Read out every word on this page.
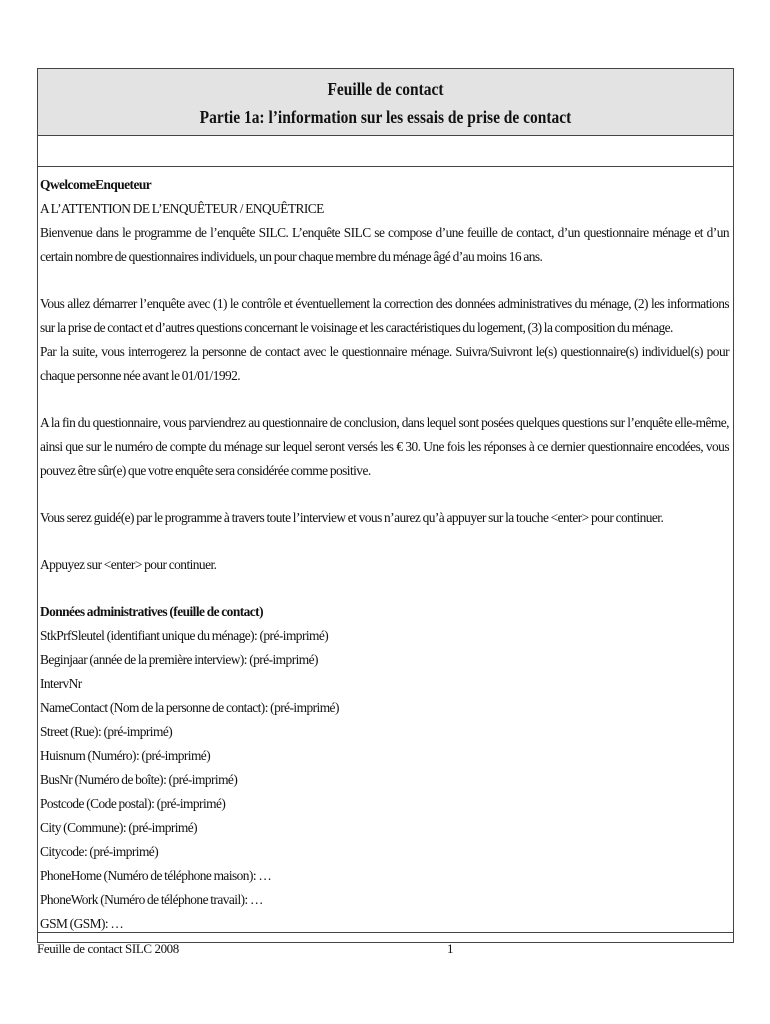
Feuille de contact
Partie 1a: l’information sur les essais de prise de contact

QwelcomeEnqueteur

A L’ATTENTION DE L’ENQUÊTEUR / ENQUÊTRICE

Bienvenue dans le programme de l’enquête SILC. L’enquête SILC se compose d’une feuille de contact, d’un questionnaire ménage et d’un certain nombre de questionnaires individuels, un pour chaque membre du ménage âgé d’au moins 16 ans.

Vous allez démarrer l’enquête avec (1) le contrôle et éventuellement la correction des données administratives du ménage, (2) les informations sur la prise de contact et d’autres questions concernant le voisinage et les caractéristiques du logement, (3) la composition du ménage.

Par la suite, vous interrogerez la personne de contact avec le questionnaire ménage. Suivra/Suivront le(s) questionnaire(s) individuel(s) pour chaque personne née avant le 01/01/1992.

A la fin du questionnaire, vous parviendrez au questionnaire de conclusion, dans lequel sont posées quelques questions sur l’enquête elle-même, ainsi que sur le numéro de compte du ménage sur lequel seront versés les € 30. Une fois les réponses à ce dernier questionnaire encodées, vous pouvez être sûr(e) que votre enquête sera considérée comme positive.

Vous serez guidé(e) par le programme à travers toute l’interview et vous n’aurez qu’à appuyer sur la touche <enter> pour continuer.

Appuyez sur <enter> pour continuer.

Données administratives (feuille de contact)

StkPrfSleutel (identifiant unique du ménage): (pré-imprimé)

Beginjaar (année de la première interview): (pré-imprimé)

IntervNr

NameContact (Nom de la personne de contact): (pré-imprimé)

Street (Rue): (pré-imprimé)

Huisnum (Numéro): (pré-imprimé)

BusNr (Numéro de boîte): (pré-imprimé)

Postcode (Code postal): (pré-imprimé)

City (Commune): (pré-imprimé)

Citycode: (pré-imprimé)

PhoneHome (Numéro de téléphone maison): …

PhoneWork (Numéro de téléphone travail): …

GSM (GSM): …

Feuille de contact SILC 2008	1
